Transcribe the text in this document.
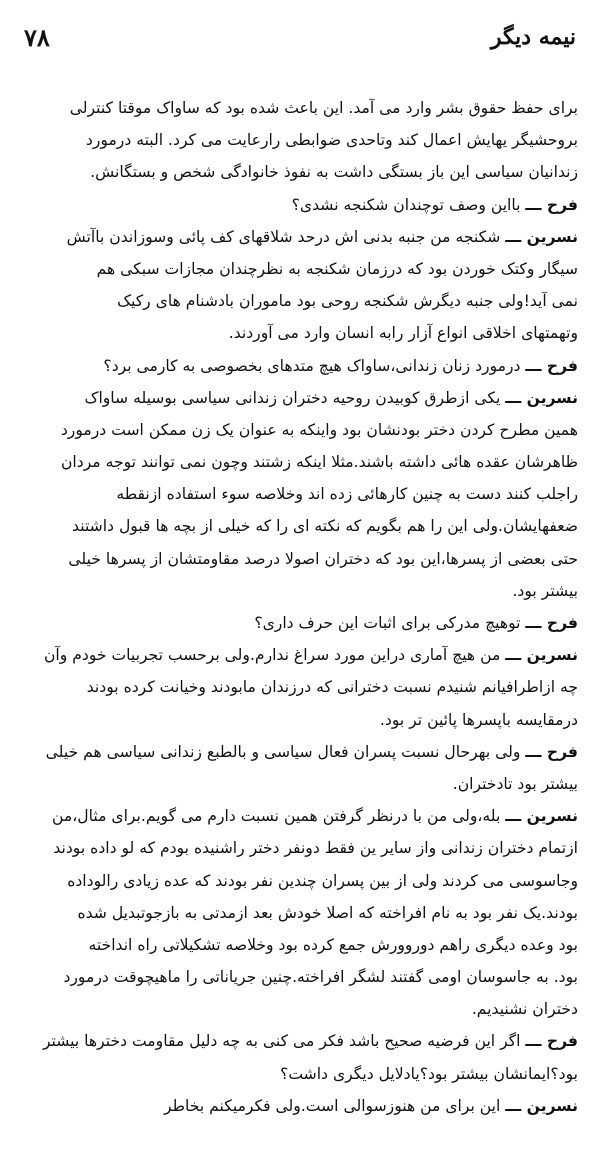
۷۸	نیمه دیگر
برای حفظ حقوق بشر وارد می آمد. این باعث شده بود که ساواک موقتا کنترلی
بروحشیگر یهایش اعمال کند وتاحدی ضوابطی رارعایت می کرد. البته درمورد
زندانیان سیاسی این باز بستگی داشت به نفوذ خانوادگی شخص و بستگانش.
فرح ـــ بااین وصف توچندان شکنجه نشدی؟
نسرین ـــ شکنجه من جنبه بدنی اش درحد شلاقهای کف پائی وسوزاندن باآتش
سیگار وکتک خوردن بود که درزمان شکنجه به نظرچندان مجازات سبکی هم
نمی آید!ولی جنبه دیگرش شکنجه روحی بود ماموران بادشنام های رکیک
وتهمتهای اخلاقی انواع آزار رابه انسان وارد می آوردند.
فرح ـــ درمورد زنان زندانی،ساواک هیچ متدهای بخصوصی به کارمی برد؟
نسرین ـــ یکی ازطرق کوبیدن روحیه دختران زندانی سیاسی بوسیله ساواک
همین مطرح کردن دختر بودنشان بود واینکه به عنوان یک زن ممکن است درمورد
ظاهرشان عقده هائی داشته باشند.مثلا اینکه زشتند وچون نمی توانند توجه مردان
راجلب کنند دست به چنین کارهائی زده اند وخلاصه سوء استفاده ازنقطه
ضعفهایشان.ولی این را هم بگویم که نکته ای را که خیلی از بچه ها قبول داشتند
حتی بعضی از پسرها،این بود که دختران اصولا درصد مقاومتشان از پسرها خیلی
بیشتر بود.
فرح ـــ توهیچ مدرکی برای اثبات این حرف داری؟
نسرین ـــ من هیچ آماری دراین مورد سراغ ندارم.ولی برحسب تجربیات خودم وآن
چه ازاطرافیانم شنیدم نسبت دخترانی که درزندان مابودند وخیانت کرده بودند
درمقایسه باپسرها پائین تر بود.
فرح ـــ ولی بهرحال نسبت پسران فعال سیاسی و بالطبع زندانی سیاسی هم خیلی
بیشتر بود تادختران.
نسرین ـــ بله،ولی من با درنظر گرفتن همین نسبت دارم می گویم.برای مثال،من
ازتمام دختران زندانی واز سایر ین فقط دونفر دختر راشنیده بودم که لو داده بودند
وجاسوسی می کردند ولی از بین پسران چندین نفر بودند که عده زیادی رالوداده
بودند.یک نفر بود به نام افراخته که اصلا خودش بعد ازمدتی به بازجوتبدیل شده
بود وعده دیگری راهم دوروورش جمع کرده بود وخلاصه تشکیلاتی راه انداخته
بود. به جاسوسان اومی گفتند لشگر افراخته.چنین جریاناتی را ماهیچوقت درمورد
دختران نشنیدیم.
فرح ـــ اگر این فرضیه صحیح باشد فکر می کنی به چه دلیل مقاومت دخترها بیشتر
بود؟ایمانشان بیشتر بود؟یادلایل دیگری داشت؟
نسرین ـــ این برای من هنوزسوالی است.ولی فکرمیکنم بخاطر
